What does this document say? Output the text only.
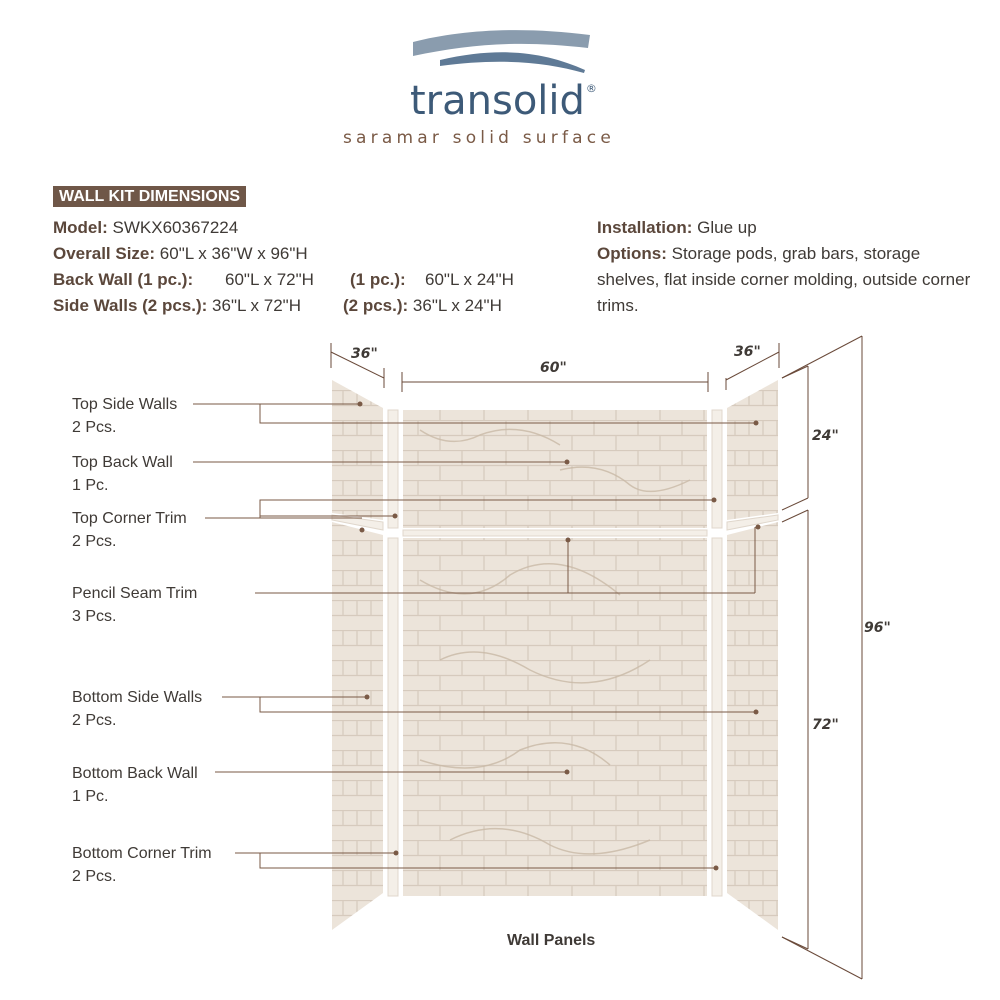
transolid®
saramar solid surface
WALL KIT DIMENSIONS
Model: SWKX60367224
Overall Size: 60"L x 36"W x 96"H
Back Wall (1 pc.): 60"L x 72"H (1 pc.): 60"L x 24"H
Side Walls (2 pcs.): 36"L x 72"H (2 pcs.): 36"L x 24"H
Installation: Glue up
Options: Storage pods, grab bars, storage shelves, flat inside corner molding, outside corner trims.
Top Side Walls
2 Pcs.
Top Back Wall
1 Pc.
Top Corner Trim
2 Pcs.
Pencil Seam Trim
3 Pcs.
Bottom Side Walls
2 Pcs.
Bottom Back Wall
1 Pc.
Bottom Corner Trim
2 Pcs.
36"
60"
36"
24"
72"
96"
Wall Panels
